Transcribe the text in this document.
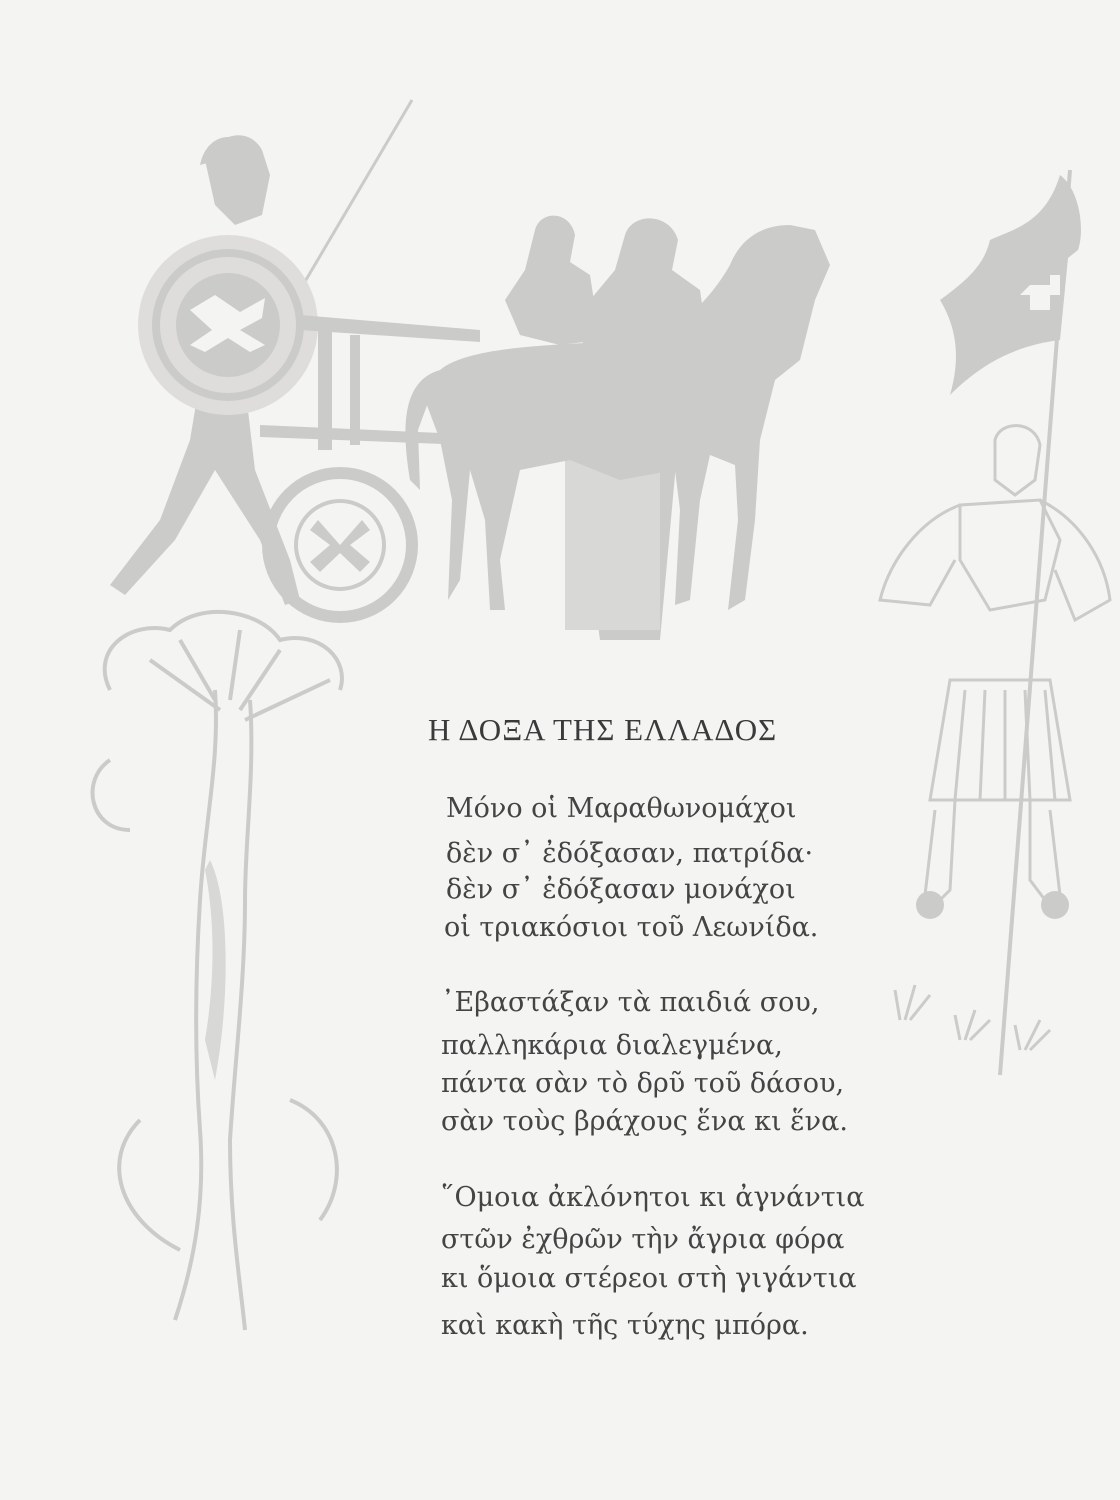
Η ΔΟΞΑ ΤΗΣ ΕΛΛΑΔΟΣ
Μόνο οἱ Μαραθωνομάχοι
δὲν σ᾽ ἐδόξασαν, πατρίδα·
δὲν σ᾽ ἐδόξασαν μονάχοι
οἱ τριακόσιοι τοῦ Λεωνίδα.
᾽Εβαστάξαν τὰ παιδιά σου,
παλληκάρια διαλεγμένα,
πάντα σὰν τὸ δρῦ τοῦ δάσου,
σὰν τοὺς βράχους ἕνα κι ἕνα.
῞Ομοια ἀκλόνητοι κι ἀγνάντια
στῶν ἐχθρῶν τὴν ἄγρια φόρα
κι ὅμοια στέρεοι στὴ γιγάντια
καὶ κακὴ τῆς τύχης μπόρα.
